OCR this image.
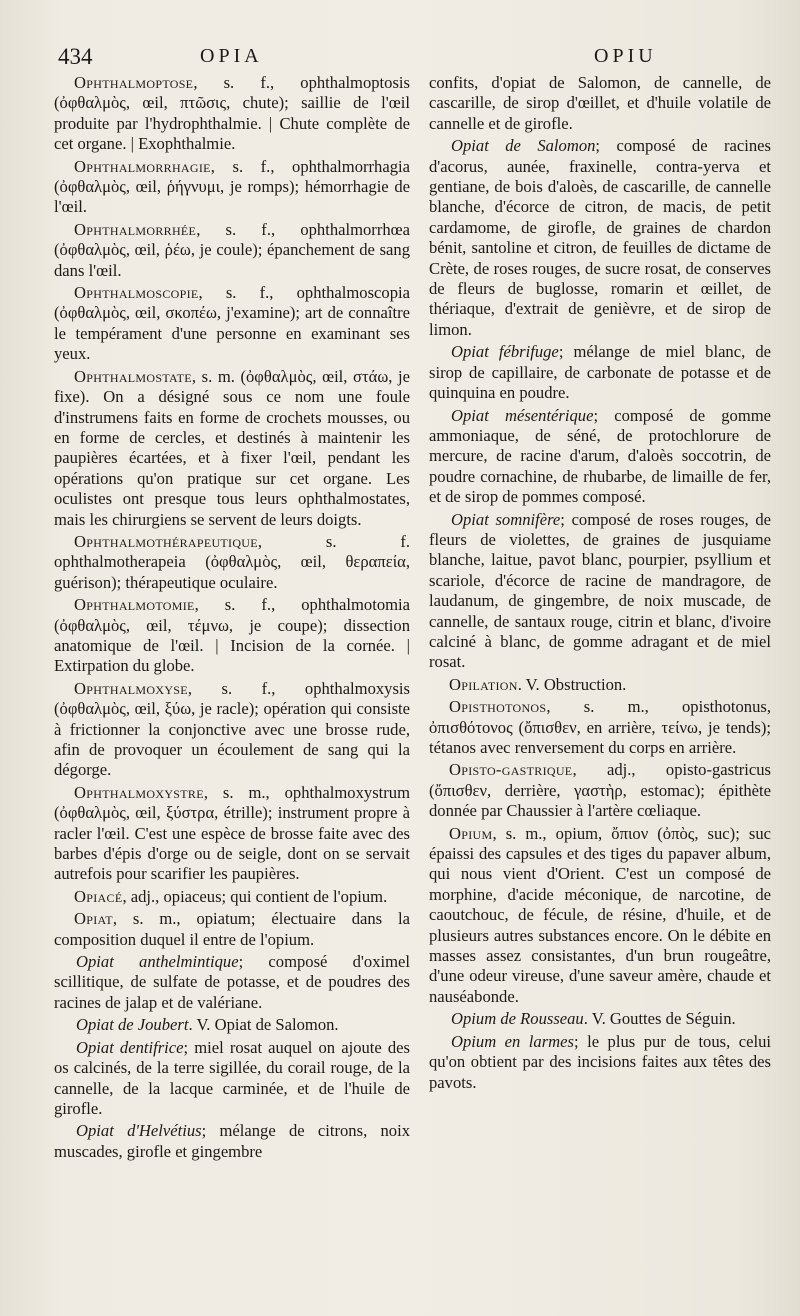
434	OPIA	OPIU

Ophthalmoptose, s. f., ophthalmoptosis (ὀφθαλμὸς, œil, πτῶσις, chute); saillie de l'œil produite par l'hydrophthalmie. | Chute complète de cet organe. | Exophthalmie.

Ophthalmorrhagie, s. f., ophthalmorrhagia (ὀφθαλμὸς, œil, ῥήγνυμι, je romps); hémorrhagie de l'œil.

Ophthalmorrhée, s. f., ophthalmorrhœa (ὀφθαλμὸς, œil, ῥέω, je coule); épanchement de sang dans l'œil.

Ophthalmoscopie, s. f., ophthalmoscopia (ὀφθαλμὸς, œil, σκοπέω, j'examine); art de connaître le tempérament d'une personne en examinant ses yeux.

Ophthalmostate, s. m. (ὀφθαλμὸς, œil, στάω, je fixe). On a désigné sous ce nom une foule d'instrumens faits en forme de crochets mousses, ou en forme de cercles, et destinés à maintenir les paupières écartées, et à fixer l'œil, pendant les opérations qu'on pratique sur cet organe. Les oculistes ont presque tous leurs ophthalmostates, mais les chirurgiens se servent de leurs doigts.

Ophthalmothérapeutique, s. f. ophthalmotherapeia (ὀφθαλμὸς, œil, θεραπεία, guérison); thérapeutique oculaire.

Ophthalmotomie, s. f., ophthalmotomia (ὀφθαλμὸς, œil, τέμνω, je coupe); dissection anatomique de l'œil. | Incision de la cornée. | Extirpation du globe.

Ophthalmoxyse, s. f., ophthalmoxysis (ὀφθαλμὸς, œil, ξύω, je racle); opération qui consiste à frictionner la conjonctive avec une brosse rude, afin de provoquer un écoulement de sang qui la dégorge.

Ophthalmoxystre, s. m., ophthalmoxystrum (ὀφθαλμὸς, œil, ξύστρα, étrille); instrument propre à racler l'œil. C'est une espèce de brosse faite avec des barbes d'épis d'orge ou de seigle, dont on se servait autrefois pour scarifier les paupières.

Opiacé, adj., opiaceus; qui contient de l'opium.

Opiat, s. m., opiatum; électuaire dans la composition duquel il entre de l'opium.

Opiat anthelmintique; composé d'oximel scillitique, de sulfate de potasse, et de poudres des racines de jalap et de valériane.

Opiat de Joubert. V. Opiat de Salomon.

Opiat dentifrice; miel rosat auquel on ajoute des os calcinés, de la terre sigillée, du corail rouge, de la cannelle, de la lacque carminée, et de l'huile de girofle.

Opiat d'Helvétius; mélange de citrons, noix muscades, girofle et gingembre

confits, d'opiat de Salomon, de cannelle, de cascarille, de sirop d'œillet, et d'huile volatile de cannelle et de girofle.

Opiat de Salomon; composé de racines d'acorus, aunée, fraxinelle, contra-yerva et gentiane, de bois d'aloès, de cascarille, de cannelle blanche, d'écorce de citron, de macis, de petit cardamome, de girofle, de graines de chardon bénit, santoline et citron, de feuilles de dictame de Crète, de roses rouges, de sucre rosat, de conserves de fleurs de buglosse, romarin et œillet, de thériaque, d'extrait de genièvre, et de sirop de limon.

Opiat fébrifuge; mélange de miel blanc, de sirop de capillaire, de carbonate de potasse et de quinquina en poudre.

Opiat mésentérique; composé de gomme ammoniaque, de séné, de protochlorure de mercure, de racine d'arum, d'aloès soccotrin, de poudre cornachine, de rhubarbe, de limaille de fer, et de sirop de pommes composé.

Opiat somnifère; composé de roses rouges, de fleurs de violettes, de graines de jusquiame blanche, laitue, pavot blanc, pourpier, psyllium et scariole, d'écorce de racine de mandragore, de laudanum, de gingembre, de noix muscade, de cannelle, de santaux rouge, citrin et blanc, d'ivoire calciné à blanc, de gomme adragant et de miel rosat.

Opilation. V. Obstruction.

Opisthotonos, s. m., opisthotonus, ὀπισθότονος (ὄπισθεν, en arrière, τείνω, je tends); tétanos avec renversement du corps en arrière.

Opisto-gastrique, adj., opisto-gastricus (ὄπισθεν, derrière, γαστὴρ, estomac); épithète donnée par Chaussier à l'artère cœliaque.

Opium, s. m., opium, ὄπιον (ὀπὸς, suc); suc épaissi des capsules et des tiges du papaver album, qui nous vient d'Orient. C'est un composé de morphine, d'acide méconique, de narcotine, de caoutchouc, de fécule, de résine, d'huile, et de plusieurs autres substances encore. On le débite en masses assez consistantes, d'un brun rougeâtre, d'une odeur vireuse, d'une saveur amère, chaude et nauséabonde.

Opium de Rousseau. V. Gouttes de Séguin.

Opium en larmes; le plus pur de tous, celui qu'on obtient par des incisions faites aux têtes des pavots.
